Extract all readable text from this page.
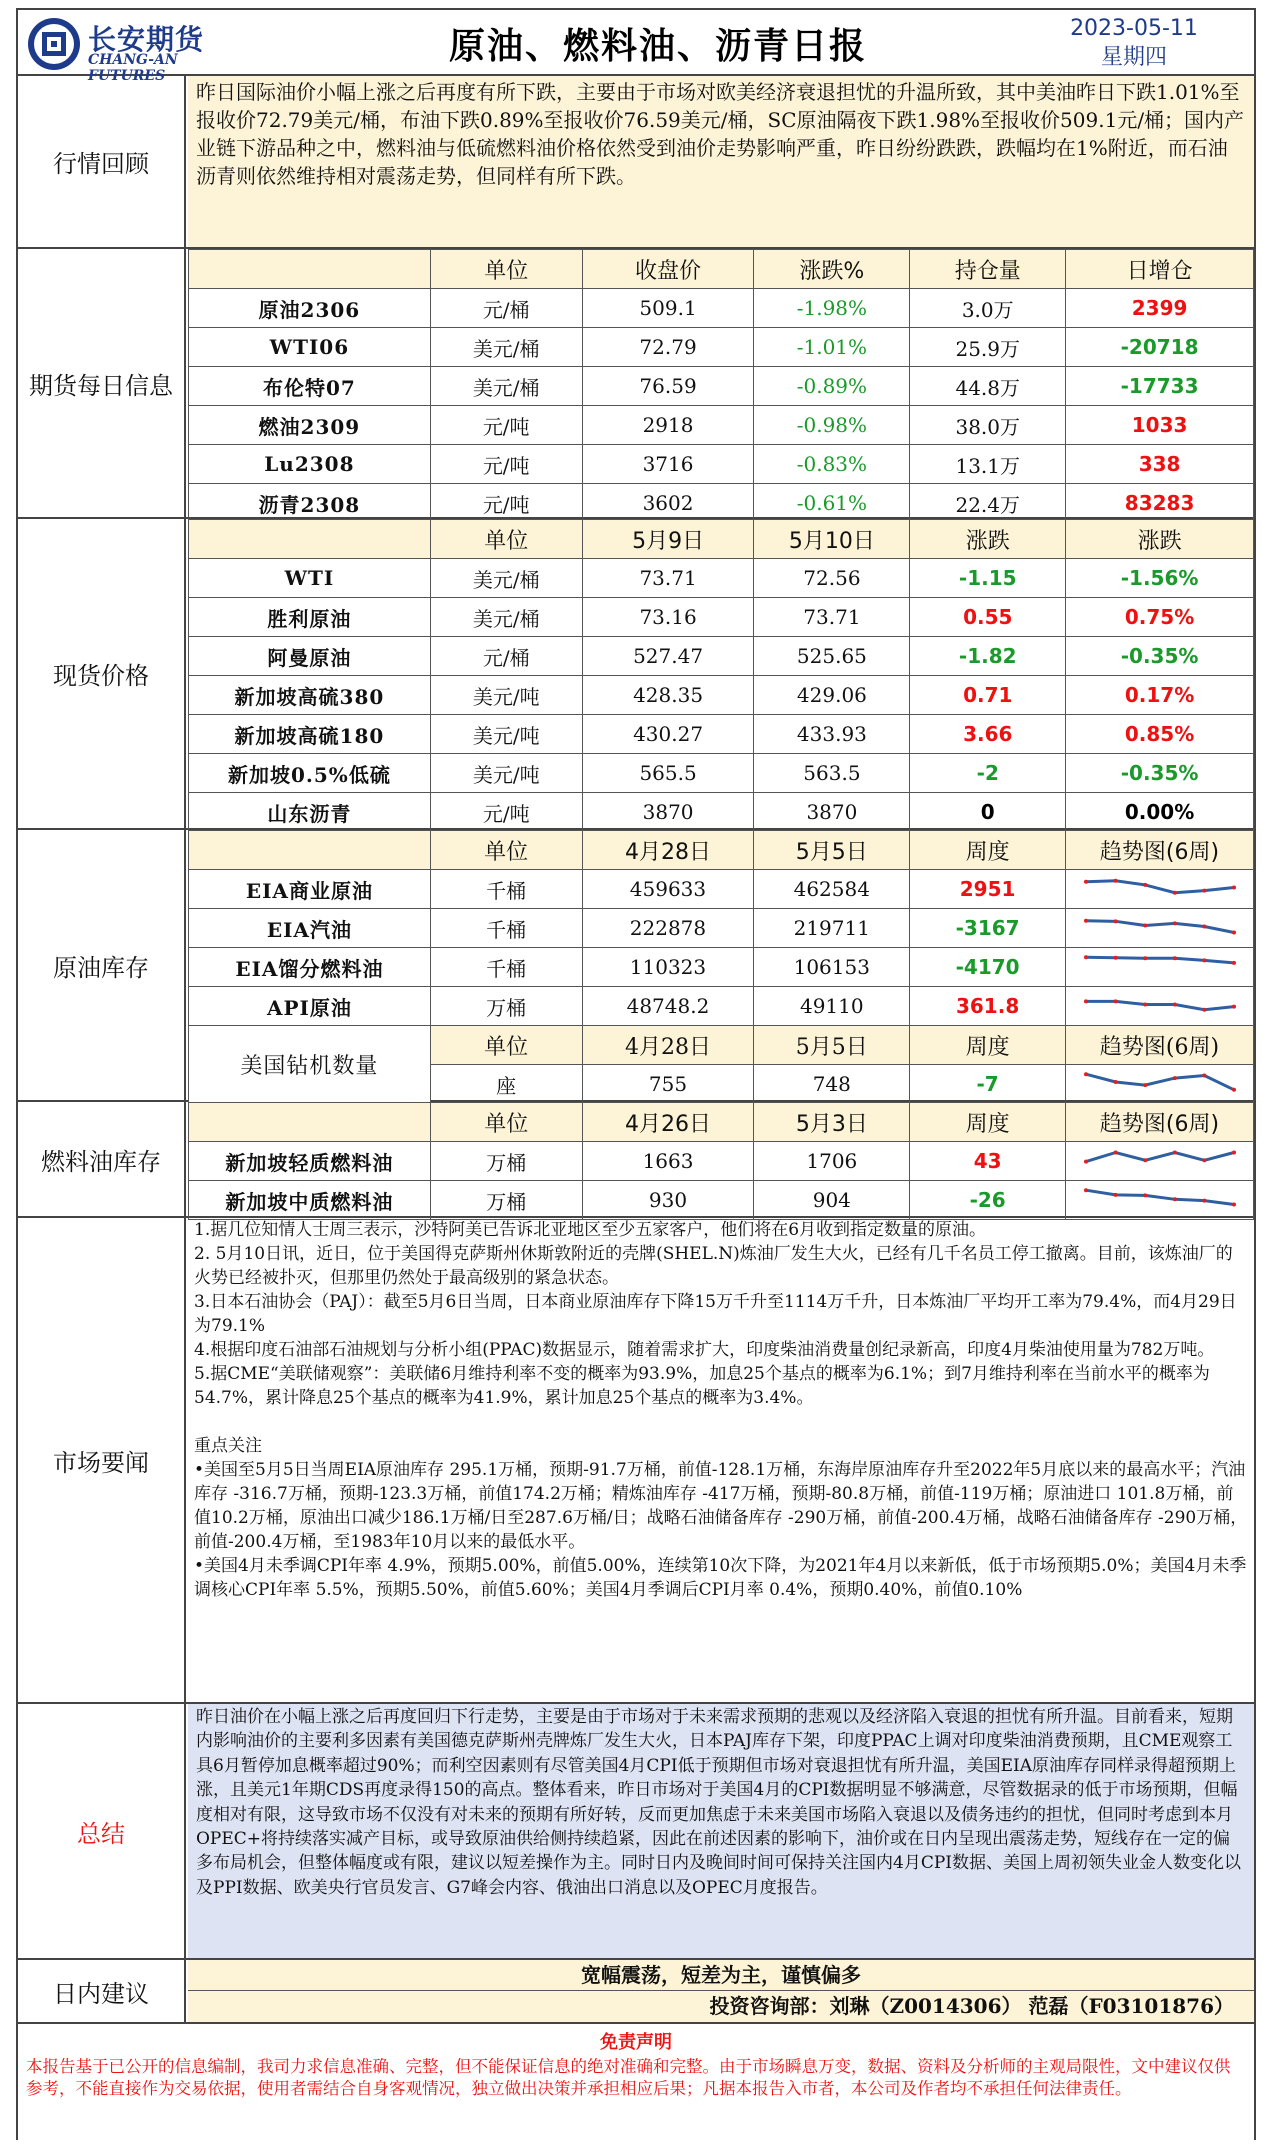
长安期货
CHANG-AN FUTURES
原油、燃料油、沥青日报	2023-05-11
星期四
行情回顾
昨日国际油价小幅上涨之后再度有所下跌，主要由于市场对欧美经济衰退担忧的升温所致，其中美油昨日下跌1.01%至报收价72.79美元/桶，布油下跌0.89%至报收价76.59美元/桶，SC原油隔夜下跌1.98%至报收价509.1元/桶；国内产业链下游品种之中，燃料油与低硫燃料油价格依然受到油价走势影响严重，昨日纷纷跌跌，跌幅均在1%附近，而石油沥青则依然维持相对震荡走势，但同样有所下跌。
期货每日信息
	单位	收盘价	涨跌%	持仓量	日增仓
原油2306	元/桶	509.1	-1.98%	3.0万	2399
WTI06	美元/桶	72.79	-1.01%	25.9万	-20718
布伦特07	美元/桶	76.59	-0.89%	44.8万	-17733
燃油2309	元/吨	2918	-0.98%	38.0万	1033
Lu2308	元/吨	3716	-0.83%	13.1万	338
沥青2308	元/吨	3602	-0.61%	22.4万	83283
现货价格
	单位	5月9日	5月10日	涨跌	涨跌
WTI	美元/桶	73.71	72.56	-1.15	-1.56%
胜利原油	美元/桶	73.16	73.71	0.55	0.75%
阿曼原油	元/桶	527.47	525.65	-1.82	-0.35%
新加坡高硫380	美元/吨	428.35	429.06	0.71	0.17%
新加坡高硫180	美元/吨	430.27	433.93	3.66	0.85%
新加坡0.5%低硫	美元/吨	565.5	563.5	-2	-0.35%
山东沥青	元/吨	3870	3870	0	0.00%
原油库存
	单位	4月28日	5月5日	周度	趋势图(6周)
EIA商业原油	千桶	459633	462584	2951	
EIA汽油	千桶	222878	219711	-3167	
EIA馏分燃料油	千桶	110323	106153	-4170	
API原油	万桶	48748.2	49110	361.8	
美国钻机数量	单位	4月28日	5月5日	周度	趋势图(6周)
	座	755	748	-7	
燃料油库存
	单位	4月26日	5月3日	周度	趋势图(6周)
新加坡轻质燃料油	万桶	1663	1706	43	
新加坡中质燃料油	万桶	930	904	-26	
市场要闻

1.据几位知情人士周三表示，沙特阿美已告诉北亚地区至少五家客户，他们将在6月收到指定数量的原油。

2. 5月10日讯，近日，位于美国得克萨斯州休斯敦附近的壳牌(SHEL.N)炼油厂发生大火，已经有几千名员工停工撤离。目前，该炼油厂的火势已经被扑灭，但那里仍然处于最高级别的紧急状态。

3.日本石油协会（PAJ）：截至5月6日当周，日本商业原油库存下降15万千升至1114万千升，日本炼油厂平均开工率为79.4%，而4月29日为79.1%

4.根据印度石油部石油规划与分析小组(PPAC)数据显示，随着需求扩大，印度柴油消费量创纪录新高，印度4月柴油使用量为782万吨。

5.据CME“美联储观察”：美联储6月维持利率不变的概率为93.9%，加息25个基点的概率为6.1%；到7月维持利率在当前水平的概率为54.7%，累计降息25个基点的概率为41.9%，累计加息25个基点的概率为3.4%。

重点关注

•美国至5月5日当周EIA原油库存 295.1万桶，预期-91.7万桶，前值-128.1万桶，东海岸原油库存升至2022年5月底以来的最高水平；汽油库存 -316.7万桶，预期-123.3万桶，前值174.2万桶；精炼油库存 -417万桶，预期-80.8万桶，前值-119万桶；原油进口 101.8万桶，前值10.2万桶，原油出口减少186.1万桶/日至287.6万桶/日；战略石油储备库存 -290万桶，前值-200.4万桶，战略石油储备库存 -290万桶，前值-200.4万桶，至1983年10月以来的最低水平。

•美国4月未季调CPI年率 4.9%，预期5.00%，前值5.00%，连续第10次下降，为2021年4月以来新低，低于市场预期5.0%；美国4月未季调核心CPI年率 5.5%，预期5.50%，前值5.60%；美国4月季调后CPI月率 0.4%，预期0.40%，前值0.10%

总结
昨日油价在小幅上涨之后再度回归下行走势，主要是由于市场对于未来需求预期的悲观以及经济陷入衰退的担忧有所升温。目前看来，短期内影响油价的主要利多因素有美国德克萨斯州壳牌炼厂发生大火，日本PAJ库存下架，印度PPAC上调对印度柴油消费预期，且CME观察工具6月暂停加息概率超过90%；而利空因素则有尽管美国4月CPI低于预期但市场对衰退担忧有所升温，美国EIA原油库存同样录得超预期上涨，且美元1年期CDS再度录得150的高点。整体看来，昨日市场对于美国4月的CPI数据明显不够满意，尽管数据录的低于市场预期，但幅度相对有限，这导致市场不仅没有对未来的预期有所好转，反而更加焦虑于未来美国市场陷入衰退以及债务违约的担忧，但同时考虑到本月OPEC+将持续落实减产目标，或导致原油供给侧持续趋紧，因此在前述因素的影响下，油价或在日内呈现出震荡走势，短线存在一定的偏多布局机会，但整体幅度或有限，建议以短差操作为主。同时日内及晚间时间可保持关注国内4月CPI数据、美国上周初领失业金人数变化以及PPI数据、欧美央行官员发言、G7峰会内容、俄油出口消息以及OPEC月度报告。
日内建议
宽幅震荡，短差为主，谨慎偏多
投资咨询部：刘琳（Z0014306） 范磊（F03101876）
免责声明
本报告基于已公开的信息编制，我司力求信息准确、完整，但不能保证信息的绝对准确和完整。由于市场瞬息万变，数据、资料及分析师的主观局限性，文中建议仅供参考，不能直接作为交易依据，使用者需结合自身客观情况，独立做出决策并承担相应后果；凡据本报告入市者，本公司及作者均不承担任何法律责任。
